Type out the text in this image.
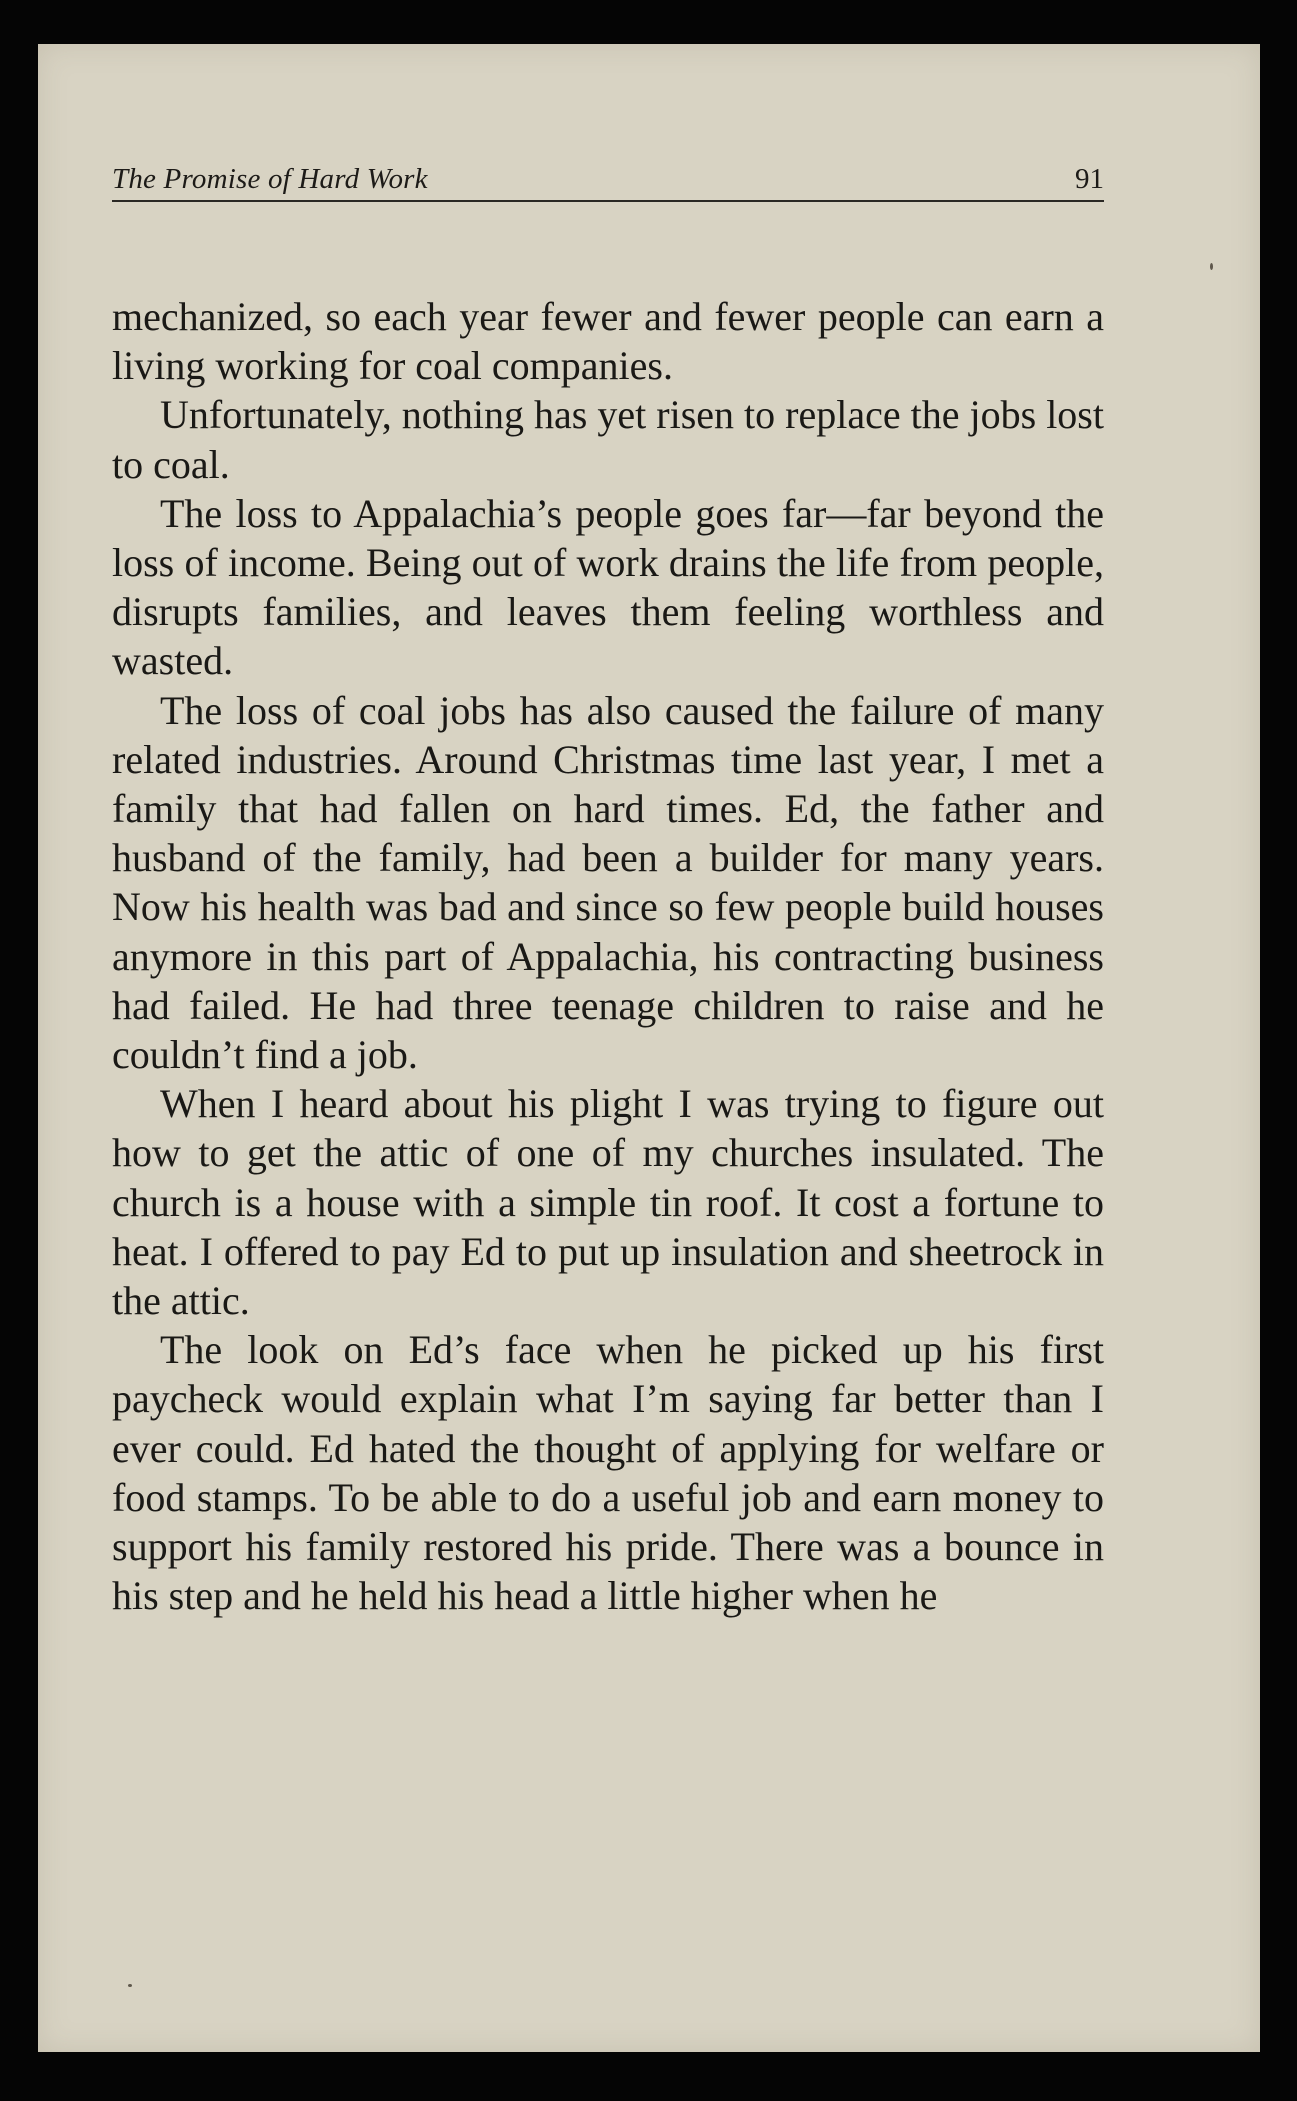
The Promise of Hard Work	91

mechanized, so each year fewer and fewer people can earn a living working for coal companies.

Unfortunately, nothing has yet risen to replace the jobs lost to coal.

The loss to Appalachia’s people goes far—far beyond the loss of income. Being out of work drains the life from people, disrupts families, and leaves them feeling worthless and wasted.

The loss of coal jobs has also caused the failure of many related industries. Around Christmas time last year, I met a family that had fallen on hard times. Ed, the father and husband of the family, had been a builder for many years. Now his health was bad and since so few people build houses anymore in this part of Appalachia, his contracting business had failed. He had three teenage children to raise and he couldn’t find a job.

When I heard about his plight I was trying to figure out how to get the attic of one of my churches insulated. The church is a house with a simple tin roof. It cost a fortune to heat. I offered to pay Ed to put up insulation and sheetrock in the attic.

The look on Ed’s face when he picked up his first paycheck would explain what I’m saying far better than I ever could. Ed hated the thought of applying for welfare or food stamps. To be able to do a useful job and earn money to support his family restored his pride. There was a bounce in his step and he held his head a little higher when he
